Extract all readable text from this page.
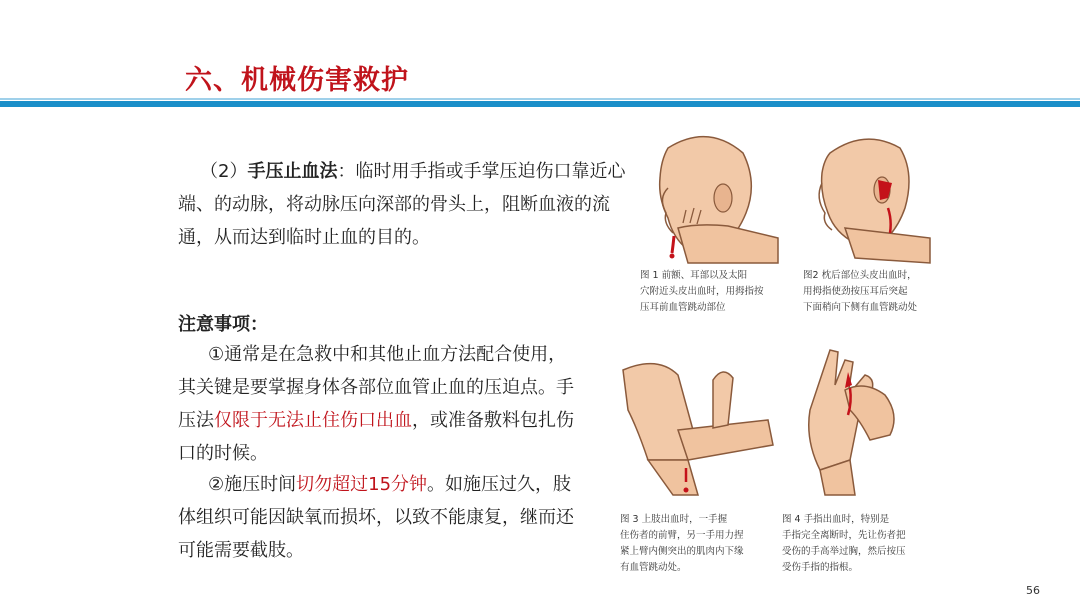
六、机械伤害救护
（2）手压止血法：临时用手指或手掌压迫伤口靠近心
端、的动脉，将动脉压向深部的骨头上，阻断血液的流
通，从而达到临时止血的目的。
注意事项：
①通常是在急救中和其他止血方法配合使用，
其关键是要掌握身体各部位血管止血的压迫点。手
压法仅限于无法止住伤口出血，或准备敷料包扎伤
口的时候。
②施压时间切勿超过15分钟。如施压过久，肢
体组织可能因缺氧而损坏，以致不能康复，继而还
可能需要截肢。
图 1 前额、耳部以及太阳
穴附近头皮出血时，用拇指按
压耳前血管跳动部位
图2 枕后部位头皮出血时，
用拇指使劲按压耳后突起
下面稍向下侧有血管跳动处
图 3 上肢出血时，一手握
住伤者的前臂，另一手用力捏
紧上臂内侧突出的肌肉内下缘
有血管跳动处。
图 4 手指出血时，特别是
手指完全离断时，先让伤者把
受伤的手高举过胸，然后按压
受伤手指的指根。
56
